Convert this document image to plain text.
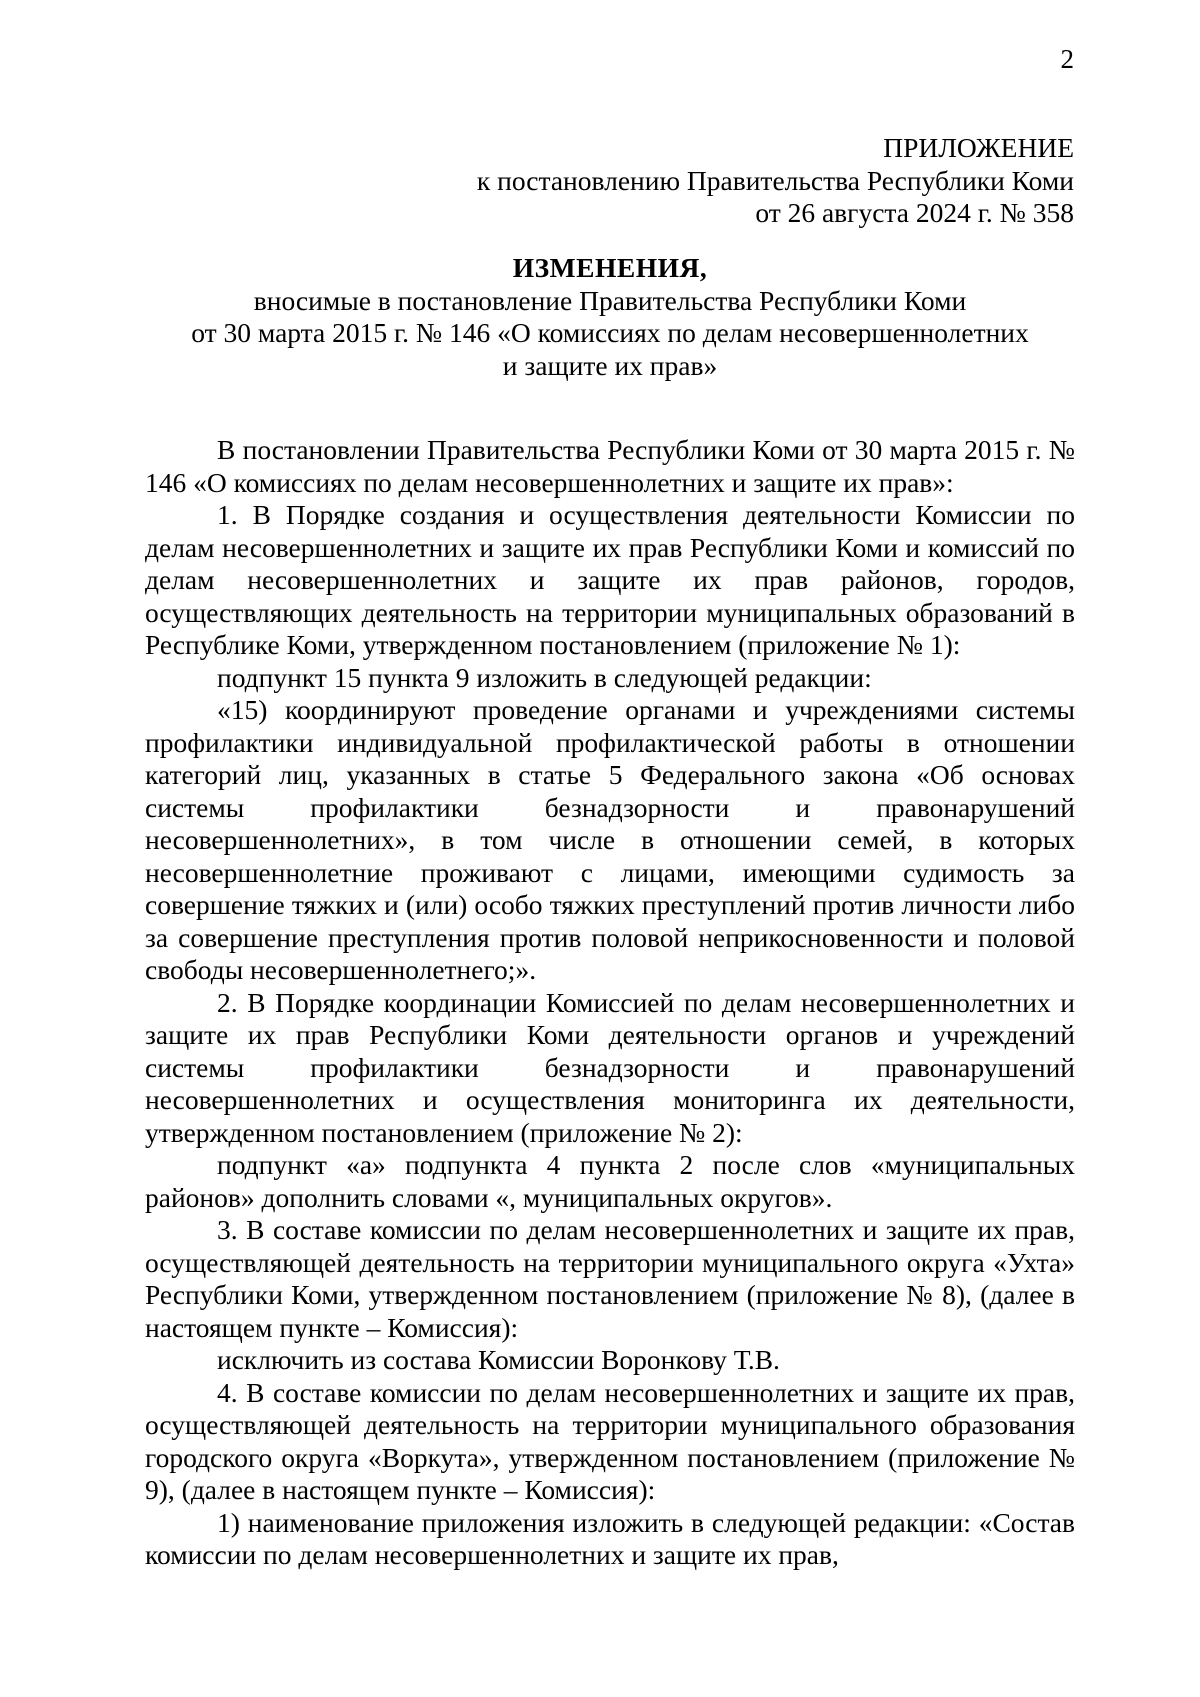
2
ПРИЛОЖЕНИЕ
к постановлению Правительства Республики Коми
от 26 августа 2024 г. № 358
ИЗМЕНЕНИЯ,
вносимые в постановление Правительства Республики Коми
от 30 марта 2015 г. № 146 «О комиссиях по делам несовершеннолетних
и защите их прав»

В постановлении Правительства Республики Коми от 30 марта 2015 г. № 146 «О комиссиях по делам несовершеннолетних и защите их прав»:

1. В Порядке создания и осуществления деятельности Комиссии по делам несовершеннолетних и защите их прав Республики Коми и комиссий по делам несовершеннолетних и защите их прав районов, городов, осуществляющих деятельность на территории муниципальных образований в Республике Коми, утвержденном постановлением (приложение № 1):

подпункт 15 пункта 9 изложить в следующей редакции:

«15) координируют проведение органами и учреждениями системы профилактики индивидуальной профилактической работы в отношении категорий лиц, указанных в статье 5 Федерального закона «Об основах системы профилактики безнадзорности и правонарушений несовершеннолетних», в том числе в отношении семей, в которых несовершеннолетние проживают с лицами, имеющими судимость за совершение тяжких и (или) особо тяжких преступлений против личности либо за совершение преступления против половой неприкосновенности и половой свободы несовершеннолетнего;».

2. В Порядке координации Комиссией по делам несовершеннолетних и защите их прав Республики Коми деятельности органов и учреждений системы профилактики безнадзорности и правонарушений несовершеннолетних и осуществления мониторинга их деятельности, утвержденном постановлением (приложение № 2):

подпункт «а» подпункта 4 пункта 2 после слов «муниципальных районов» дополнить словами «, муниципальных округов».

3. В составе комиссии по делам несовершеннолетних и защите их прав, осуществляющей деятельность на территории муниципального округа «Ухта» Республики Коми, утвержденном постановлением (приложение № 8), (далее в настоящем пункте – Комиссия):

исключить из состава Комиссии Воронкову Т.В.

4. В составе комиссии по делам несовершеннолетних и защите их прав, осуществляющей деятельность на территории муниципального образования городского округа «Воркута», утвержденном постановлением (приложение № 9), (далее в настоящем пункте – Комиссия):

1) наименование приложения изложить в следующей редакции: «Состав комиссии по делам несовершеннолетних и защите их прав,
